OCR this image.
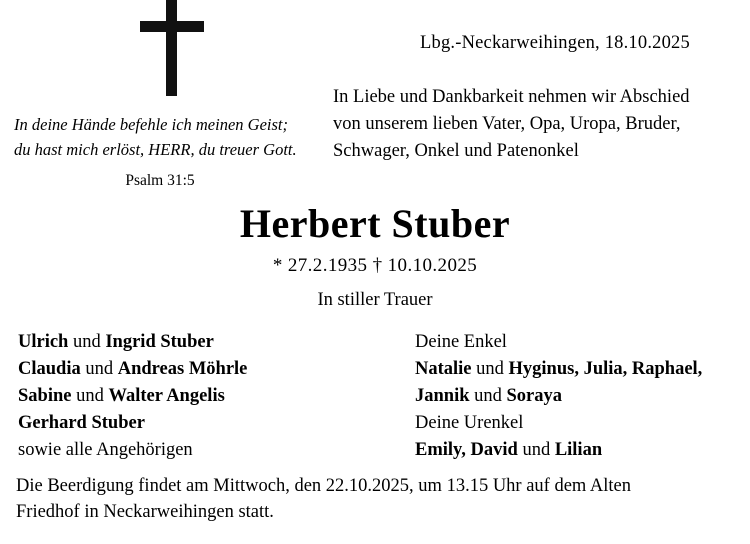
Lbg.-Neckarweihingen, 18.10.2025
In Liebe und Dankbarkeit nehmen wir Abschied
von unserem lieben Vater, Opa, Uropa, Bruder,
Schwager, Onkel und Patenonkel
In deine Hände befehle ich meinen Geist;
du hast mich erlöst, HERR, du treuer Gott.
Psalm 31:5
Herbert Stuber
* 27.2.1935 † 10.10.2025
In stiller Trauer
Ulrich und Ingrid Stuber
Claudia und Andreas Möhrle
Sabine und Walter Angelis
Gerhard Stuber
sowie alle Angehörigen
Deine Enkel
Natalie und Hyginus, Julia, Raphael,
Jannik und Soraya
Deine Urenkel
Emily, David und Lilian
Die Beerdigung findet am Mittwoch, den 22.10.2025, um 13.15 Uhr auf dem Alten
Friedhof in Neckarweihingen statt.
